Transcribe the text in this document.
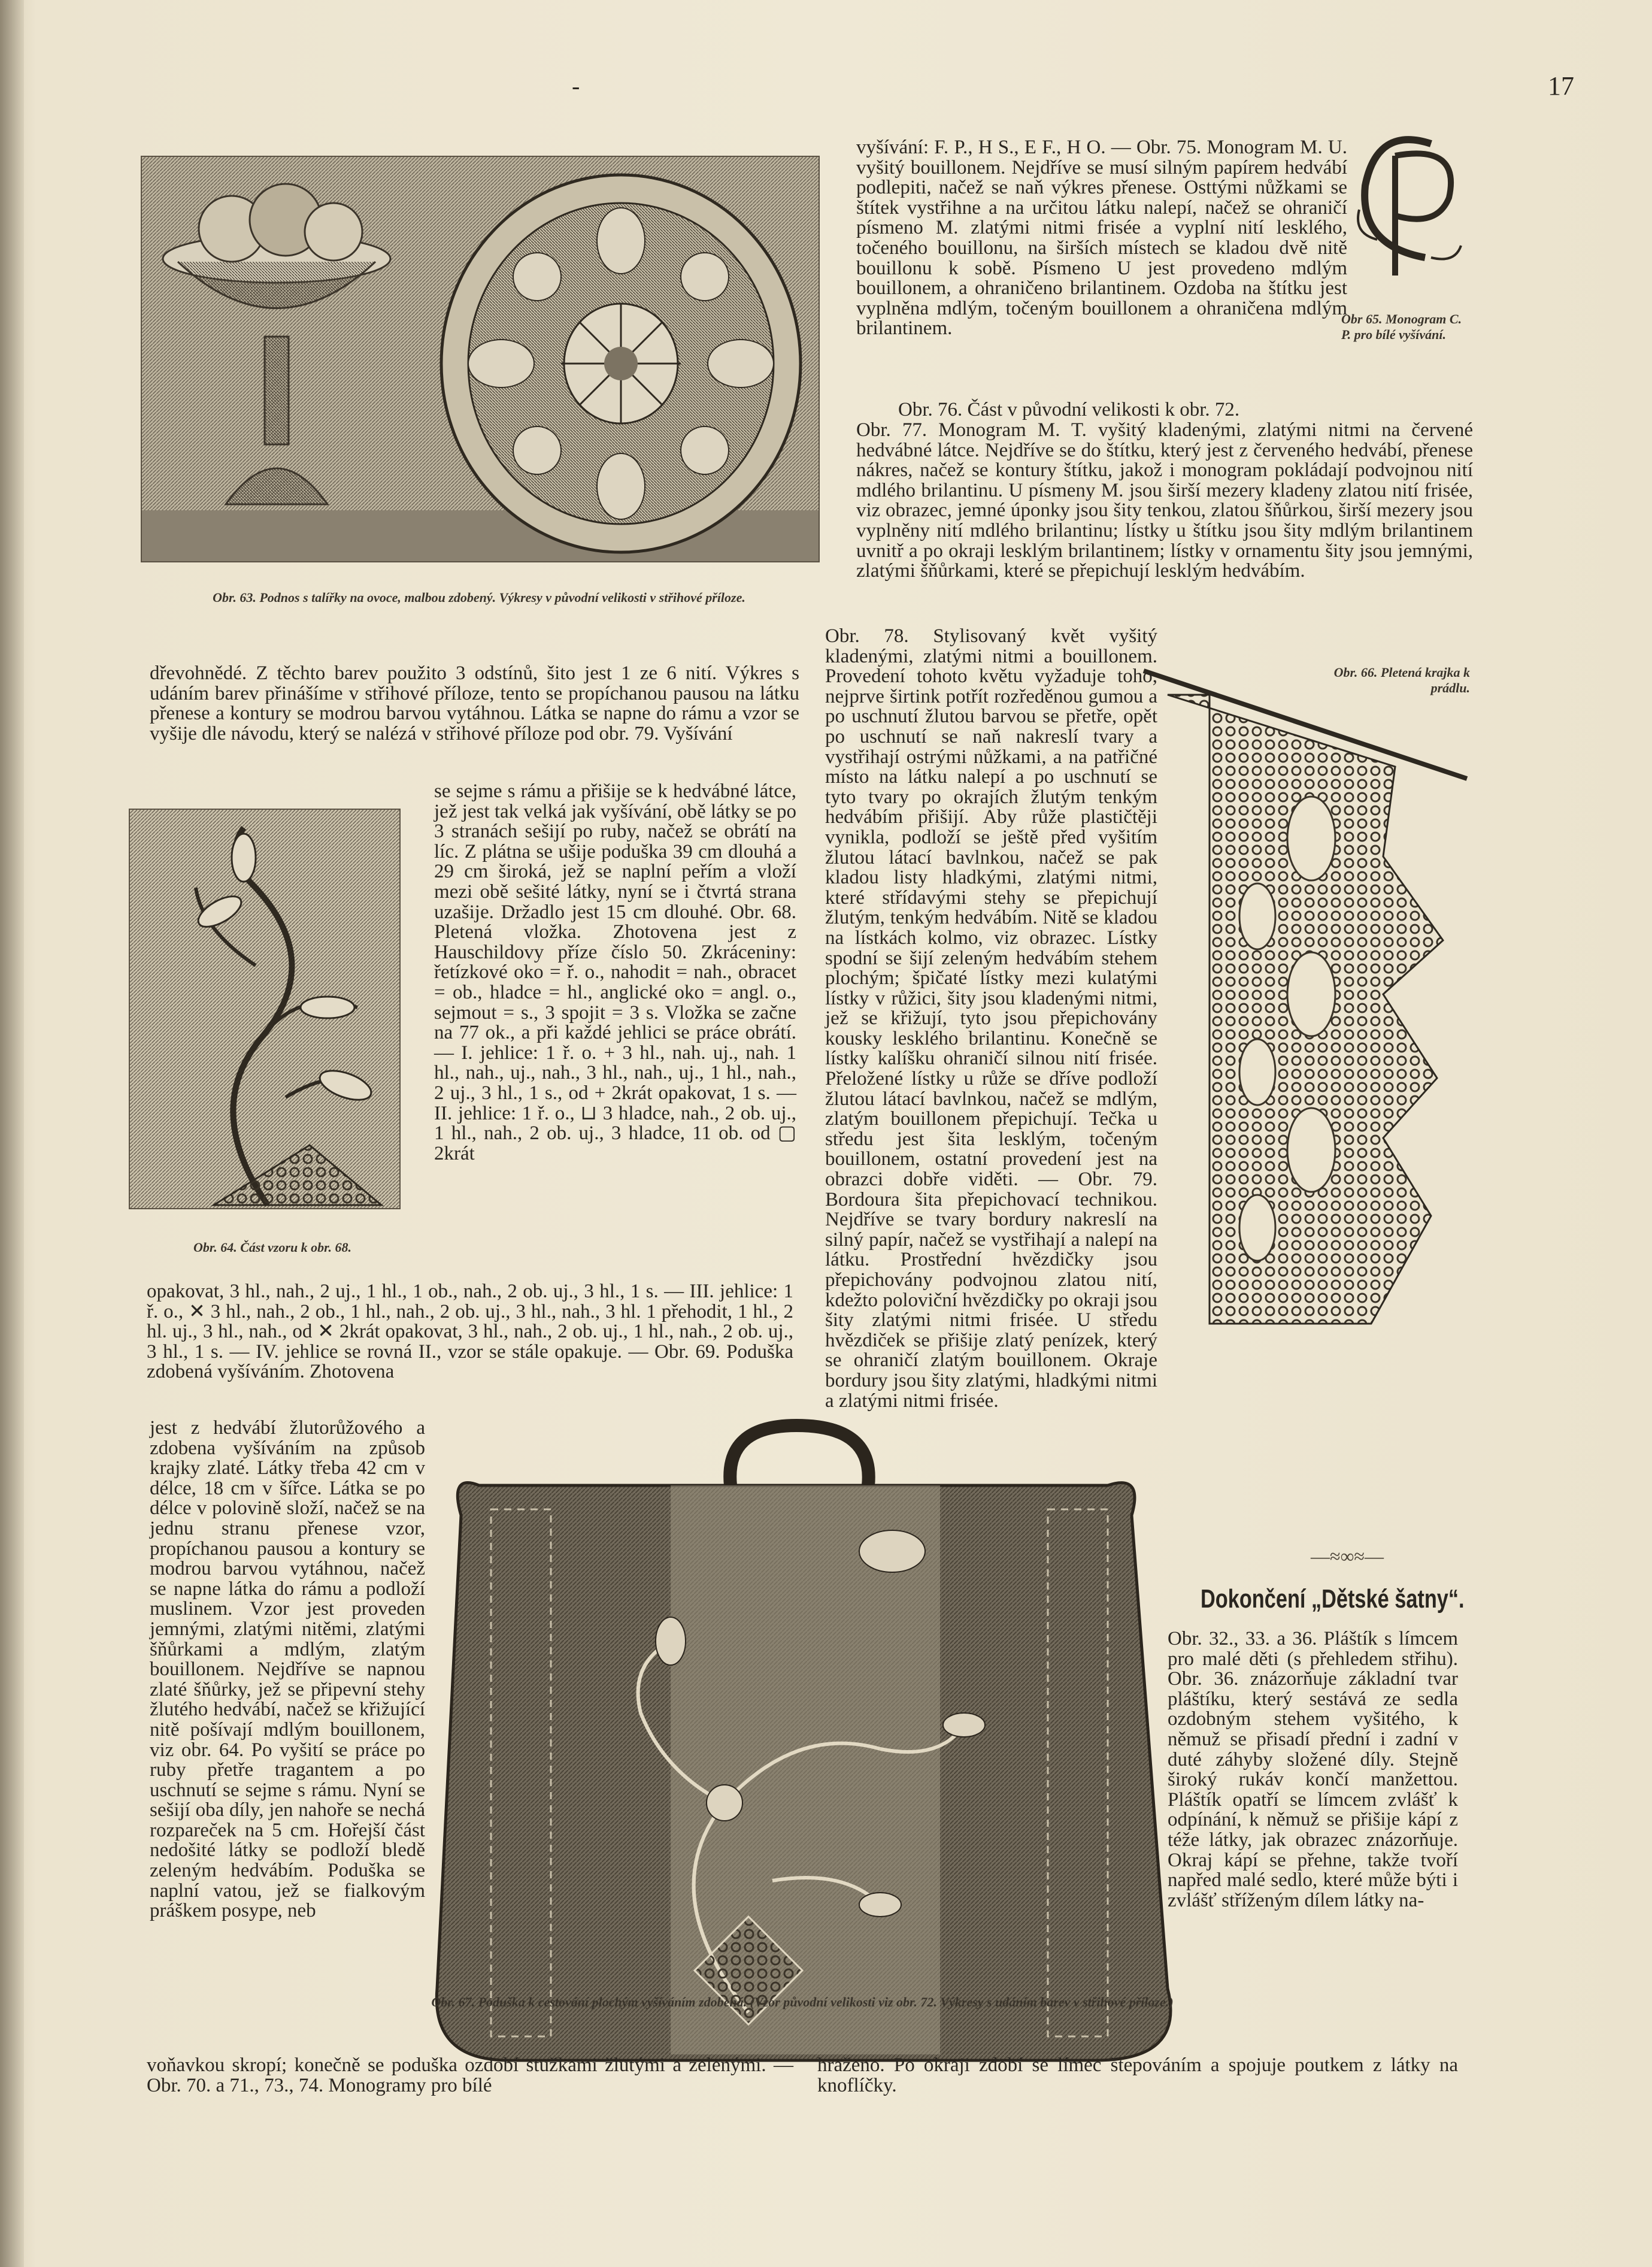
17
-
Obr. 63. Podnos s talířky na ovoce, malbou zdobený. Výkresy v původní velikosti v střihové příloze.
Obr 65. Monogram C. P. pro bílé vyšívání.
vyšívání: F. P., H S., E F., H O. — Obr. 75. Monogram M. U. vyšitý bouillonem. Nejdříve se musí silným papírem hedvábí podlepiti, načež se naň výkres přenese. Osttými nůžkami se štítek vystřihne a na určitou látku nalepí, načež se ohraničí písmeno M. zlatými nitmi frisée a vyplní nití lesklého, točeného bouillonu, na širších místech se kladou dvě nitě bouillonu k sobě. Písmeno U jest provedeno mdlým bouillonem, a ohraničeno brilantinem. Ozdoba na štítku jest vyplněna mdlým, točeným bouillonem a ohraničena mdlým brilantinem.
Obr. 76. Část v původní velikosti k obr. 72.
Obr. 77. Monogram M. T. vyšitý kladenými, zlatými nitmi na červené hedvábné látce. Nejdříve se do štítku, který jest z červeného hedvábí, přenese nákres, načež se kontury štítku, jakož i monogram pokládají podvojnou nití mdlého brilantinu. U písmeny M. jsou širší mezery kladeny zlatou nití frisée, viz obrazec, jemné úponky jsou šity tenkou, zlatou šňůrkou, širší mezery jsou vyplněny nití mdlého brilantinu; lístky u štítku jsou šity mdlým brilantinem uvnitř a po okraji lesklým brilantinem; lístky v ornamentu šity jsou jemnými, zlatými šňůrkami, které se přepichují lesklým hedvábím.
Obr. 66. Pletená krajka k prádlu.
Obr. 78. Stylisovaný květ vyšitý kladenými, zlatými nitmi a bouillonem. Provedení tohoto květu vyžaduje toho, nejprve širtink potřít rozředěnou gumou a po uschnutí žlutou barvou se přetře, opět po uschnutí se naň nakreslí tvary a vystřihají ostrými nůžkami, a na patřičné místo na látku nalepí a po uschnutí se tyto tvary po okrajích žlutým tenkým hedvábím přišijí. Aby růže plastičtěji vynikla, podloží se ještě před vyšitím žlutou látací bavlnkou, načež se pak kladou listy hladkými, zlatými nitmi, které střídavými stehy se přepichují žlutým, tenkým hedvábím. Nitě se kladou na lístkách kolmo, viz obrazec. Lístky spodní se šijí zeleným hedvábím stehem plochým; špičaté lístky mezi kulatými lístky v růžici, šity jsou kladenými nitmi, jež se křižují, tyto jsou přepichovány kousky lesklého brilantinu. Konečně se lístky kalíšku ohraničí silnou nití frisée. Přeložené lístky u růže se dříve podloží žlutou látací bavlnkou, načež se mdlým, zlatým bouillonem přepichují. Tečka u středu jest šita lesklým, točeným bouillonem, ostatní provedení jest na obrazci dobře viděti. — Obr. 79. Bordoura šita přepichovací technikou. Nejdříve se tvary bordury nakreslí na silný papír, načež se vystřihají a nalepí na látku. Prostřední hvězdičky jsou přepichovány podvojnou zlatou nití, kdežto poloviční hvězdičky po okraji jsou šity zlatými nitmi frisée. U středu hvězdiček se přišije zlatý penízek, který se ohraničí zlatým bouillonem. Okraje bordury jsou šity zlatými, hladkými nitmi a zlatými nitmi frisée.
dřevohnědé. Z těchto barev použito 3 odstínů, šito jest 1 ze 6 nití. Výkres s udáním barev přinášíme v střihové příloze, tento se propíchanou pausou na látku přenese a kontury se modrou barvou vytáhnou. Látka se napne do rámu a vzor se vyšije dle návodu, který se nalézá v střihové příloze pod obr. 79. Vyšívání
Obr. 64. Část vzoru k obr. 68.
se sejme s rámu a přišije se k hedvábné látce, jež jest tak velká jak vyšívání, obě látky se po 3 stranách sešijí po ruby, načež se obrátí na líc. Z plátna se ušije poduška 39 cm dlouhá a 29 cm široká, jež se naplní peřím a vloží mezi obě sešité látky, nyní se i čtvrtá strana uzašije. Držadlo jest 15 cm dlouhé. Obr. 68. Pletená vložka. Zhotovena jest z Hauschildovy příze číslo 50. Zkráceniny: řetízkové oko = ř. o., nahodit = nah., obracet = ob., hladce = hl., anglické oko = angl. o., sejmout = s., 3 spojit = 3 s. Vložka se začne na 77 ok., a při každé jehlici se práce obrátí. — I. jehlice: 1 ř. o. + 3 hl., nah. uj., nah. 1 hl., nah., uj., nah., 3 hl., nah., uj., 1 hl., nah., 2 uj., 3 hl., 1 s., od + 2krát opakovat, 1 s. — II. jehlice: 1 ř. o., ⊔ 3 hladce, nah., 2 ob. uj., 1 hl., nah., 2 ob. uj., 3 hladce, 11 ob. od ▢ 2krát
opakovat, 3 hl., nah., 2 uj., 1 hl., 1 ob., nah., 2 ob. uj., 3 hl., 1 s. — III. jehlice: 1 ř. o., ✕ 3 hl., nah., 2 ob., 1 hl., nah., 2 ob. uj., 3 hl., nah., 3 hl. 1 přehodit, 1 hl., 2 hl. uj., 3 hl., nah., od ✕ 2krát opakovat, 3 hl., nah., 2 ob. uj., 1 hl., nah., 2 ob. uj., 3 hl., 1 s. — IV. jehlice se rovná II., vzor se stále opakuje. — Obr. 69. Poduška zdobená vyšíváním. Zhotovena
jest z hedvábí žlutorůžového a zdobena vyšíváním na způsob krajky zlaté. Látky třeba 42 cm v délce, 18 cm v šířce. Látka se po délce v polovině složí, načež se na jednu stranu přenese vzor, propíchanou pausou a kontury se modrou barvou vytáhnou, načež se napne látka do rámu a podloží muslinem. Vzor jest proveden jemnými, zlatými nitěmi, zlatými šňůrkami a mdlým, zlatým bouillonem. Nejdříve se napnou zlaté šňůrky, jež se připevní stehy žlutého hedvábí, načež se křižující nitě pošívají mdlým bouillonem, viz obr. 64. Po vyšití se práce po ruby přetře tragantem a po uschnutí se sejme s rámu. Nyní se sešijí oba díly, jen nahoře se nechá rozpareček na 5 cm. Hořejší část nedošité látky se podloží bledě zeleným hedvábím. Poduška se naplní vatou, jež se fialkovým práškem posype, neb
Obr. 67. Poduška k cestování plochým vyšíváním zdobená. (Vzor původní velikosti viz obr. 72. Výkresy s udáním barev v střihové příloze.)
voňavkou skropí; konečně se poduška ozdobí stužkami žlutými a zelenými. — Obr. 70. a 71., 73., 74. Monogramy pro bílé
—≈∞≈—
Dokončení „Dětské šatny“.
Obr. 32., 33. a 36. Pláštík s límcem pro malé děti (s přehledem střihu). Obr. 36. znázorňuje základní tvar pláštíku, který sestává ze sedla ozdobným stehem vyšitého, k němuž se přisadí přední i zadní v duté záhyby složené díly. Stejně široký rukáv končí manžettou. Pláštík opatří se límcem zvlášť k odpínání, k němuž se přišije kápí z téže látky, jak obrazec znázorňuje. Okraj kápí se přehne, takže tvoří napřed malé sedlo, které může býti i zvlášť stříženým dílem látky na-
hraženo. Po okraji zdobí se límec štepováním a spojuje poutkem z látky na knoflíčky.
